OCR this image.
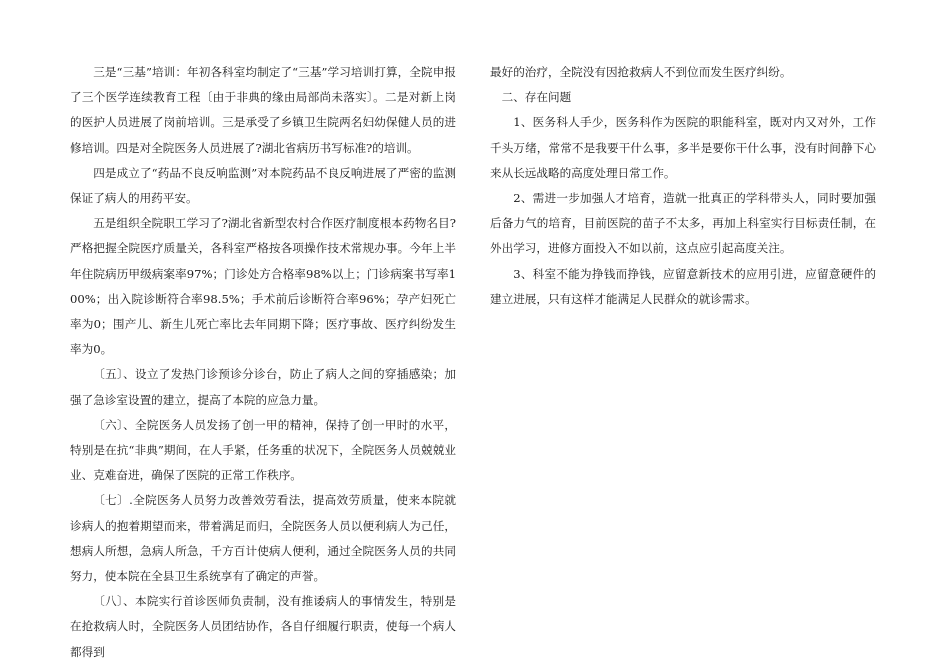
三是“三基”培训：年初各科室均制定了“三基”学习培训打算，全院申报了三个医学连续教育工程〔由于非典的缘由局部尚未落实〕。二是对新上岗的医护人员进展了岗前培训。三是承受了乡镇卫生院两名妇幼保健人员的进修培训。四是对全院医务人员进展了?湖北省病历书写标准?的培训。

四是成立了“药品不良反响监测”对本院药品不良反响进展了严密的监测保证了病人的用药平安。

五是组织全院职工学习了?湖北省新型农村合作医疗制度根本药物名目?严格把握全院医疗质量关，各科室严格按各项操作技术常规办事。今年上半年住院病历甲级病案率97%；门诊处方合格率98%以上；门诊病案书写率100%；出入院诊断符合率98.5%；手术前后诊断符合率96%；孕产妇死亡率为0；围产儿、新生儿死亡率比去年同期下降；医疗事故、医疗纠纷发生率为0。

〔五〕、设立了发热门诊预诊分诊台，防止了病人之间的穿插感染；加强了急诊室设置的建立，提高了本院的应急力量。

〔六〕、全院医务人员发扬了创一甲的精神，保持了创一甲时的水平，特别是在抗“非典”期间，在人手紧，任务重的状况下，全院医务人员兢兢业业、克难奋进，确保了医院的正常工作秩序。

〔七〕.全院医务人员努力改善效劳看法，提高效劳质量，使来本院就诊病人的抱着期望而来，带着满足而归，全院医务人员以便利病人为己任，想病人所想，急病人所急，千方百计使病人便利，通过全院医务人员的共同努力，使本院在全县卫生系统享有了确定的声誉。

〔八〕、本院实行首诊医师负责制，没有推诿病人的事情发生，特别是在抢救病人时，全院医务人员团结协作，各自仔细履行职责，使每一个病人都得到

最好的治疗，全院没有因抢救病人不到位而发生医疗纠纷。

二、存在问题

1、医务科人手少，医务科作为医院的职能科室，既对内又对外，工作千头万绪，常常不是我要干什么事，多半是要你干什么事，没有时间静下心来从长远战略的高度处理日常工作。

2、需进一步加强人才培育，造就一批真正的学科带头人，同时要加强后备力气的培育，目前医院的苗子不太多，再加上科室实行目标责任制，在外出学习，进修方面投入不如以前，这点应引起高度关注。

3、科室不能为挣钱而挣钱，应留意新技术的应用引进，应留意硬件的建立进展，只有这样才能满足人民群众的就诊需求。
